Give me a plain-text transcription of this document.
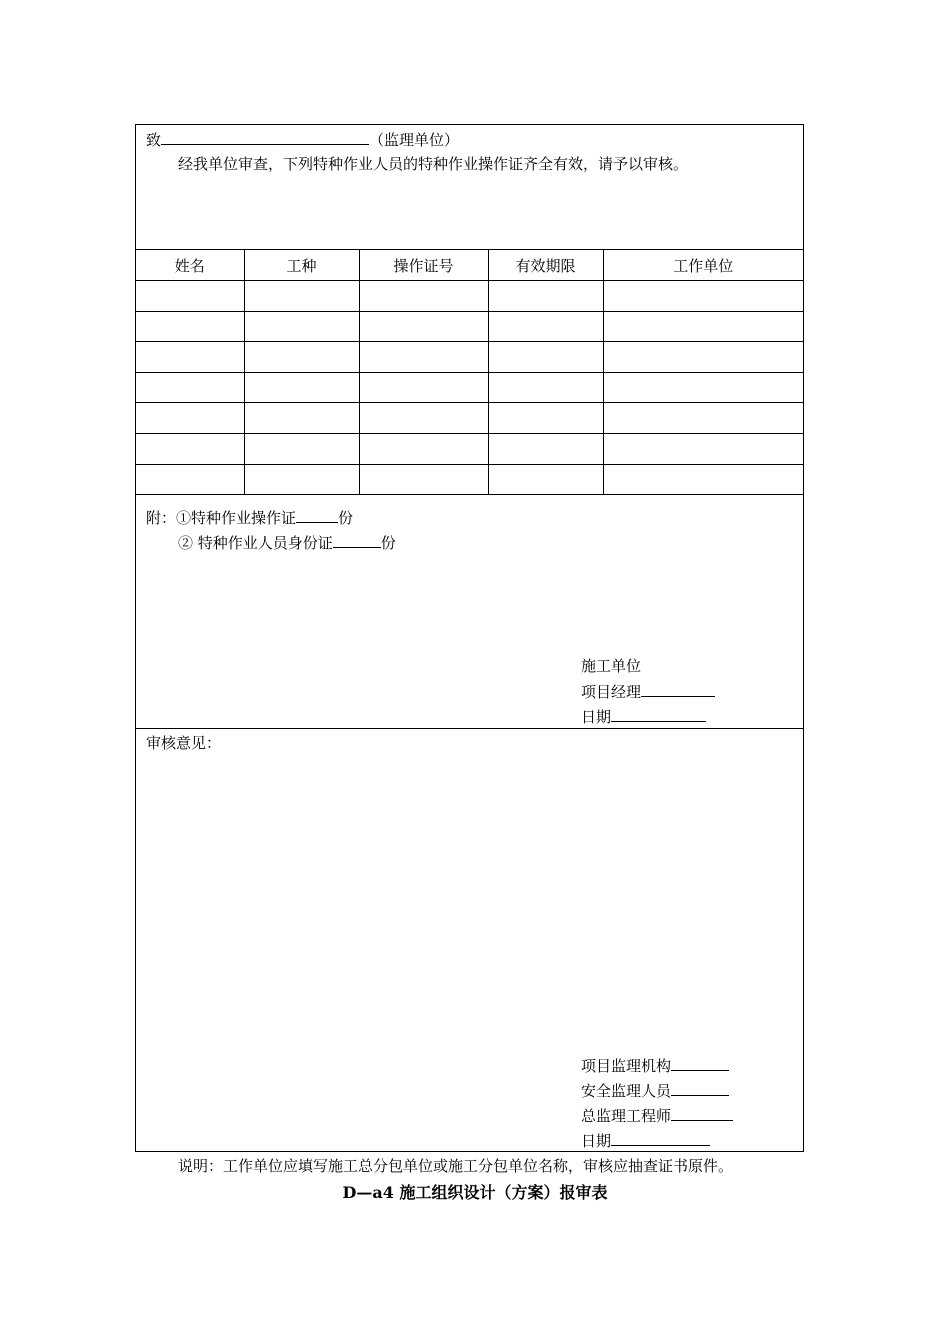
致	（监理单位）
经我单位审查，下列特种作业人员的特种作业操作证齐全有效，请予以审核。
姓名	工种	操作证号	有效期限	工作单位

附：①特种作业操作证	份
② 特种作业人员身份证	份
施工单位
项目经理
日期
审核意见：
项目监理机构
安全监理人员
总监理工程师
日期
说明：工作单位应填写施工总分包单位或施工分包单位名称，审核应抽查证书原件。
D—a4 施工组织设计（方案）报审表
